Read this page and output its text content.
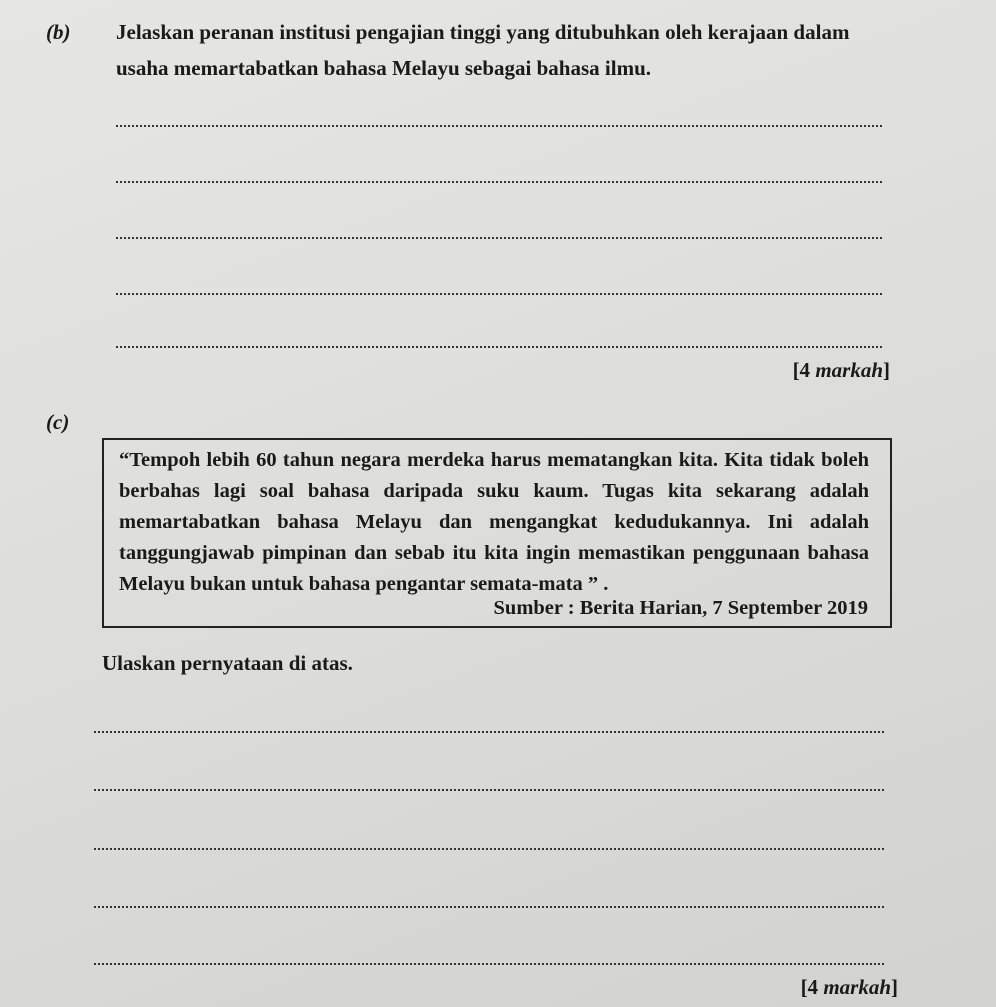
(b) Jelaskan peranan institusi pengajian tinggi yang ditubuhkan oleh kerajaan dalam usaha memartabatkan bahasa Melayu sebagai bahasa ilmu.
[4 markah]
(c)
“Tempoh lebih 60 tahun negara merdeka harus mematangkan kita. Kita tidak boleh berbahas lagi soal bahasa daripada suku kaum. Tugas kita sekarang adalah memartabatkan bahasa Melayu dan mengangkat kedudukannya. Ini adalah tanggungjawab pimpinan dan sebab itu kita ingin memastikan penggunaan bahasa Melayu bukan untuk bahasa pengantar semata-mata ” .
Sumber : Berita Harian, 7 September 2019
Ulaskan pernyataan di atas.
[4 markah]
